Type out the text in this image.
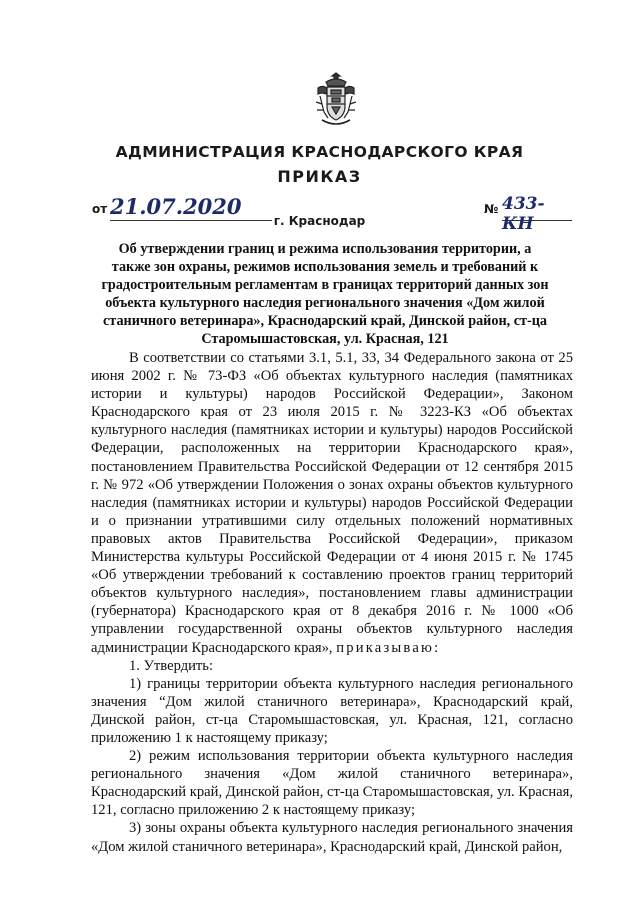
АДМИНИСТРАЦИЯ КРАСНОДАРСКОГО КРАЯ
ПРИКАЗ
от 21.07.2020	№ 433-КН
г. Краснодар
Об утверждении границ и режима использования территории, а также зон охраны, режимов использования земель и требований к градостроительным регламентам в границах территорий данных зон объекта культурного наследия регионального значения «Дом жилой станичного ветеринара», Краснодарский край, Динской район, ст-ца Старомышастовская, ул. Красная, 121

В соответствии со статьями 3.1, 5.1, 33, 34 Федерального закона от 25 июня 2002 г. № 73-ФЗ «Об объектах культурного наследия (памятниках истории и культуры) народов Российской Федерации», Законом Краснодарского края от 23 июля 2015 г. № 3223-КЗ «Об объектах культурного наследия (памятниках истории и культуры) народов Российской Федерации, расположенных на территории Краснодарского края», постановлением Правительства Российской Федерации от 12 сентября 2015 г. № 972 «Об утверждении Положения о зонах охраны объектов культурного наследия (памятниках истории и культуры) народов Российской Федерации и о признании утратившими силу отдельных положений нормативных правовых актов Правительства Российской Федерации», приказом Министерства культуры Российской Федерации от 4 июня 2015 г. № 1745 «Об утверждении требований к составлению проектов границ территорий объектов культурного наследия», постановлением главы администрации (губернатора) Краснодарского края от 8 декабря 2016 г. № 1000 «Об управлении государственной охраны объектов культурного наследия администрации Краснодарского края», приказываю:

1. Утвердить:

1) границы территории объекта культурного наследия регионального значения “Дом жилой станичного ветеринара», Краснодарский край, Динской район, ст-ца Старомышастовская, ул. Красная, 121, согласно приложению 1 к настоящему приказу;

2) режим использования территории объекта культурного наследия регионального значения «Дом жилой станичного ветеринара», Краснодарский край, Динской район, ст-ца Старомышастовская, ул. Красная, 121, согласно приложению 2 к настоящему приказу;

3) зоны охраны объекта культурного наследия регионального значения «Дом жилой станичного ветеринара», Краснодарский край, Динской район,
